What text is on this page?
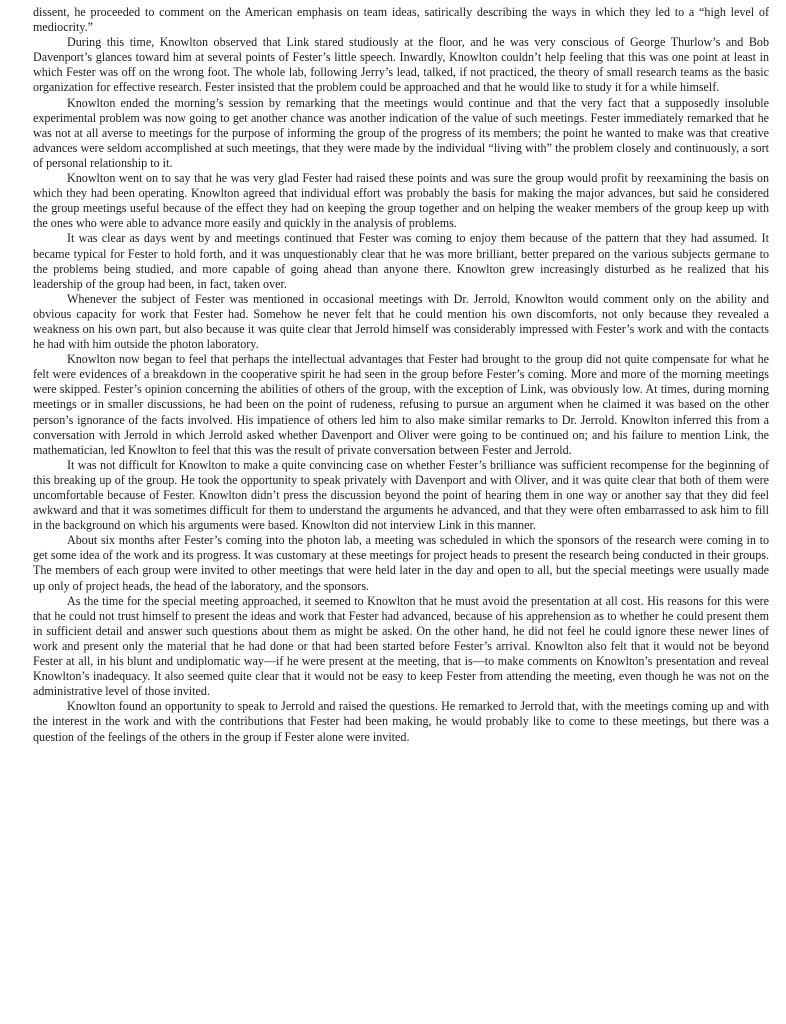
dissent, he proceeded to comment on the American emphasis on team ideas, satirically describing the ways in which they led to a “high level of mediocrity.”

During this time, Knowlton observed that Link stared studiously at the floor, and he was very conscious of George Thurlow’s and Bob Davenport’s glances toward him at several points of Fester’s little speech. Inwardly, Knowlton couldn’t help feeling that this was one point at least in which Fester was off on the wrong foot. The whole lab, following Jerry’s lead, talked, if not practiced, the theory of small research teams as the basic organization for effective research. Fester insisted that the problem could be approached and that he would like to study it for a while himself.

Knowlton ended the morning’s session by remarking that the meetings would continue and that the very fact that a supposedly insoluble experimental problem was now going to get another chance was another indication of the value of such meetings. Fester immediately remarked that he was not at all averse to meetings for the purpose of informing the group of the progress of its members; the point he wanted to make was that creative advances were seldom accomplished at such meetings, that they were made by the individual “living with” the problem closely and continuously, a sort of personal relationship to it.

Knowlton went on to say that he was very glad Fester had raised these points and was sure the group would profit by reexamining the basis on which they had been operating. Knowlton agreed that individual effort was probably the basis for making the major advances, but said he considered the group meetings useful because of the effect they had on keeping the group together and on helping the weaker members of the group keep up with the ones who were able to advance more easily and quickly in the analysis of problems.

It was clear as days went by and meetings continued that Fester was coming to enjoy them because of the pattern that they had assumed. It became typical for Fester to hold forth, and it was unquestionably clear that he was more brilliant, better prepared on the various subjects germane to the problems being studied, and more capable of going ahead than anyone there. Knowlton grew increasingly disturbed as he realized that his leadership of the group had been, in fact, taken over.

Whenever the subject of Fester was mentioned in occasional meetings with Dr. Jerrold, Knowlton would comment only on the ability and obvious capacity for work that Fester had. Somehow he never felt that he could mention his own discomforts, not only because they revealed a weakness on his own part, but also because it was quite clear that Jerrold himself was considerably impressed with Fester’s work and with the contacts he had with him outside the photon laboratory.

Knowlton now began to feel that perhaps the intellectual advantages that Fester had brought to the group did not quite compensate for what he felt were evidences of a breakdown in the cooperative spirit he had seen in the group before Fester’s coming. More and more of the morning meetings were skipped. Fester’s opinion concerning the abilities of others of the group, with the exception of Link, was obviously low. At times, during morning meetings or in smaller discussions, he had been on the point of rudeness, refusing to pursue an argument when he claimed it was based on the other person’s ignorance of the facts involved. His impatience of others led him to also make similar remarks to Dr. Jerrold. Knowlton inferred this from a conversation with Jerrold in which Jerrold asked whether Davenport and Oliver were going to be continued on; and his failure to mention Link, the mathematician, led Knowlton to feel that this was the result of private conversation between Fester and Jerrold.

It was not difficult for Knowlton to make a quite convincing case on whether Fester’s brilliance was sufficient recompense for the beginning of this breaking up of the group. He took the opportunity to speak privately with Davenport and with Oliver, and it was quite clear that both of them were uncomfortable because of Fester. Knowlton didn’t press the discussion beyond the point of hearing them in one way or another say that they did feel awkward and that it was sometimes difficult for them to understand the arguments he advanced, and that they were often embarrassed to ask him to fill in the background on which his arguments were based. Knowlton did not interview Link in this manner.

About six months after Fester’s coming into the photon lab, a meeting was scheduled in which the sponsors of the research were coming in to get some idea of the work and its progress. It was customary at these meetings for project heads to present the research being conducted in their groups. The members of each group were invited to other meetings that were held later in the day and open to all, but the special meetings were usually made up only of project heads, the head of the laboratory, and the sponsors.

As the time for the special meeting approached, it seemed to Knowlton that he must avoid the presentation at all cost. His reasons for this were that he could not trust himself to present the ideas and work that Fester had advanced, because of his apprehension as to whether he could present them in sufficient detail and answer such questions about them as might be asked. On the other hand, he did not feel he could ignore these newer lines of work and present only the material that he had done or that had been started before Fester’s arrival. Knowlton also felt that it would not be beyond Fester at all, in his blunt and undiplomatic way—if he were present at the meeting, that is—to make comments on Knowlton’s presentation and reveal Knowlton’s inadequacy. It also seemed quite clear that it would not be easy to keep Fester from attending the meeting, even though he was not on the administrative level of those invited.

Knowlton found an opportunity to speak to Jerrold and raised the questions. He remarked to Jerrold that, with the meetings coming up and with the interest in the work and with the contributions that Fester had been making, he would probably like to come to these meetings, but there was a question of the feelings of the others in the group if Fester alone were invited.
